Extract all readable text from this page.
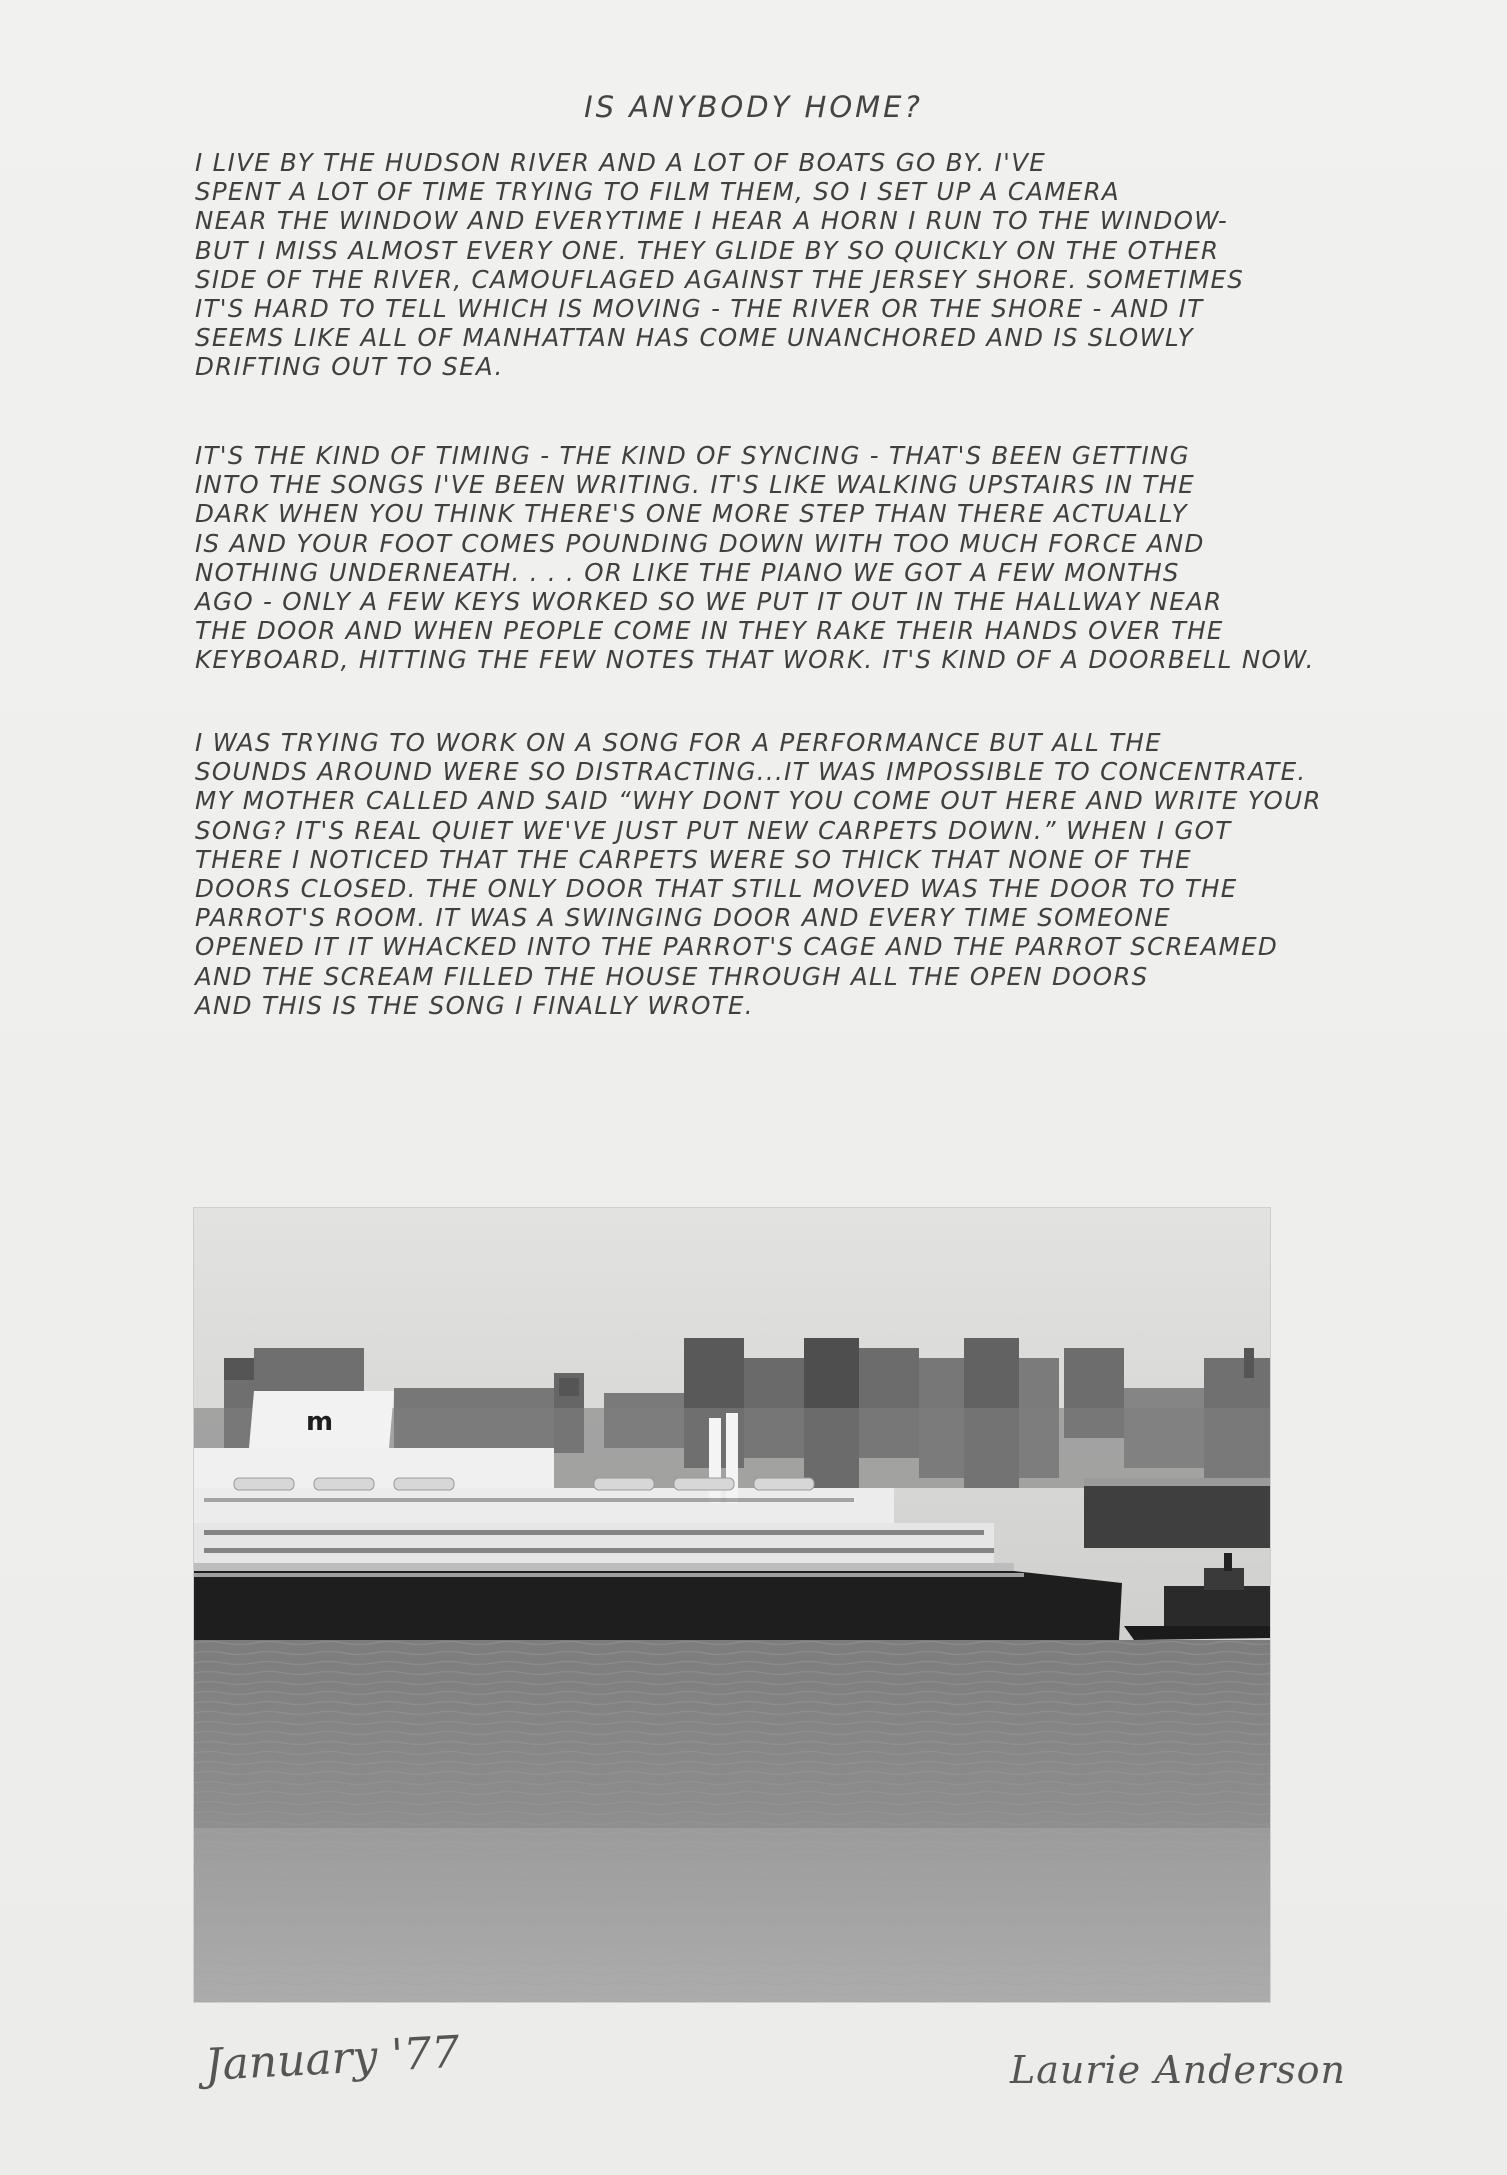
IS ANYBODY HOME?
I LIVE BY THE HUDSON RIVER AND A LOT OF BOATS GO BY. I'VE
SPENT A LOT OF TIME TRYING TO FILM THEM, SO I SET UP A CAMERA
NEAR THE WINDOW AND EVERYTIME I HEAR A HORN I RUN TO THE WINDOW-
BUT I MISS ALMOST EVERY ONE. THEY GLIDE BY SO QUICKLY ON THE OTHER
SIDE OF THE RIVER, CAMOUFLAGED AGAINST THE JERSEY SHORE. SOMETIMES
IT'S HARD TO TELL WHICH IS MOVING - THE RIVER OR THE SHORE - AND IT
SEEMS LIKE ALL OF MANHATTAN HAS COME UNANCHORED AND IS SLOWLY
DRIFTING OUT TO SEA.
IT'S THE KIND OF TIMING - THE KIND OF SYNCING - THAT'S BEEN GETTING
INTO THE SONGS I'VE BEEN WRITING. IT'S LIKE WALKING UPSTAIRS IN THE
DARK WHEN YOU THINK THERE'S ONE MORE STEP THAN THERE ACTUALLY
IS AND YOUR FOOT COMES POUNDING DOWN WITH TOO MUCH FORCE AND
NOTHING UNDERNEATH. . . . OR LIKE THE PIANO WE GOT A FEW MONTHS
AGO - ONLY A FEW KEYS WORKED SO WE PUT IT OUT IN THE HALLWAY NEAR
THE DOOR AND WHEN PEOPLE COME IN THEY RAKE THEIR HANDS OVER THE
KEYBOARD, HITTING THE FEW NOTES THAT WORK. IT'S KIND OF A DOORBELL NOW.
I WAS TRYING TO WORK ON A SONG FOR A PERFORMANCE BUT ALL THE
SOUNDS AROUND WERE SO DISTRACTING...IT WAS IMPOSSIBLE TO CONCENTRATE.
MY MOTHER CALLED AND SAID “WHY DONT YOU COME OUT HERE AND WRITE YOUR
SONG? IT'S REAL QUIET WE'VE JUST PUT NEW CARPETS DOWN.” WHEN I GOT
THERE I NOTICED THAT THE CARPETS WERE SO THICK THAT NONE OF THE
DOORS CLOSED. THE ONLY DOOR THAT STILL MOVED WAS THE DOOR TO THE
PARROT'S ROOM. IT WAS A SWINGING DOOR AND EVERY TIME SOMEONE
OPENED IT IT WHACKED INTO THE PARROT'S CAGE AND THE PARROT SCREAMED
AND THE SCREAM FILLED THE HOUSE THROUGH ALL THE OPEN DOORS
AND THIS IS THE SONG I FINALLY WROTE.
m
January '77	Laurie Anderson
